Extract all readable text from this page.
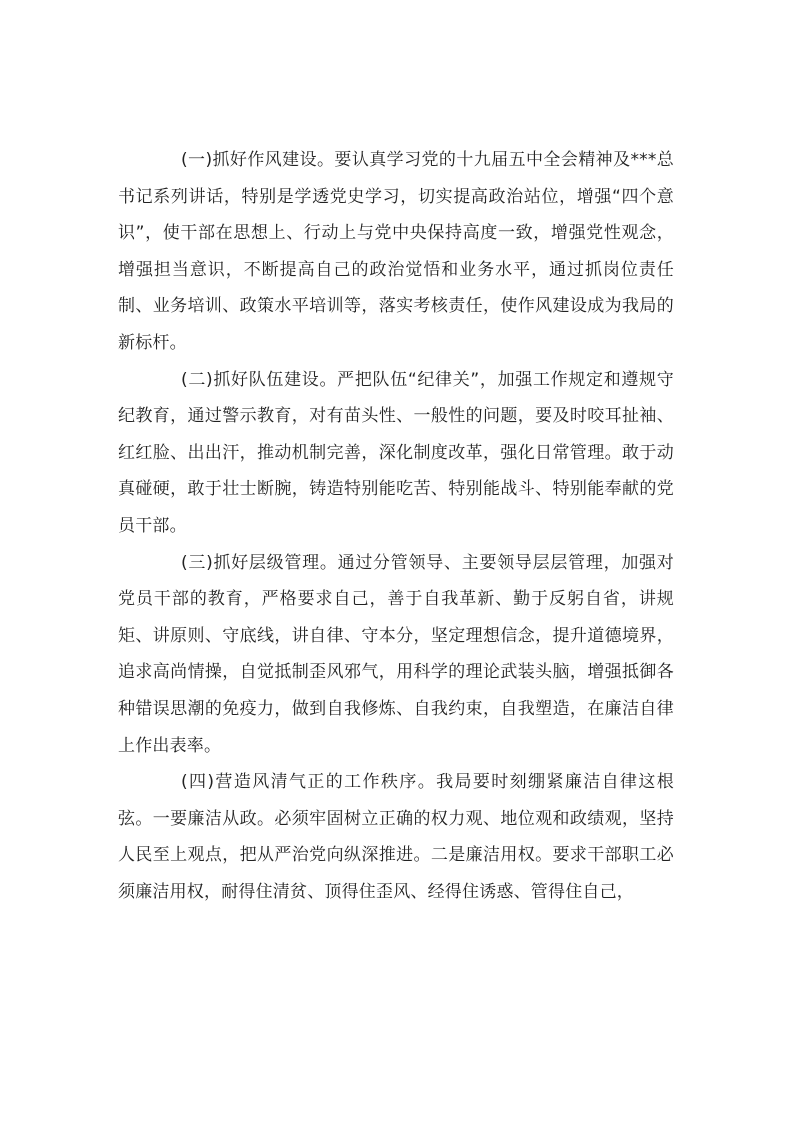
(一)抓好作风建设。要认真学习党的十九届五中全会精神及***总书记系列讲话，特别是学透党史学习，切实提高政治站位，增强“四个意识”，使干部在思想上、行动上与党中央保持高度一致，增强党性观念，增强担当意识，不断提高自己的政治觉悟和业务水平，通过抓岗位责任制、业务培训、政策水平培训等，落实考核责任，使作风建设成为我局的新标杆。

(二)抓好队伍建设。严把队伍“纪律关”，加强工作规定和遵规守纪教育，通过警示教育，对有苗头性、一般性的问题，要及时咬耳扯袖、红红脸、出出汗，推动机制完善，深化制度改革，强化日常管理。敢于动真碰硬，敢于壮士断腕，铸造特别能吃苦、特别能战斗、特别能奉献的党员干部。

(三)抓好层级管理。通过分管领导、主要领导层层管理，加强对党员干部的教育，严格要求自己，善于自我革新、勤于反躬自省，讲规矩、讲原则、守底线，讲自律、守本分，坚定理想信念，提升道德境界，追求高尚情操，自觉抵制歪风邪气，用科学的理论武装头脑，增强抵御各种错误思潮的免疫力，做到自我修炼、自我约束，自我塑造，在廉洁自律上作出表率。

(四)营造风清气正的工作秩序。我局要时刻绷紧廉洁自律这根弦。一要廉洁从政。必须牢固树立正确的权力观、地位观和政绩观，坚持人民至上观点，把从严治党向纵深推进。二是廉洁用权。要求干部职工必须廉洁用权，耐得住清贫、顶得住歪风、经得住诱惑、管得住自己，
